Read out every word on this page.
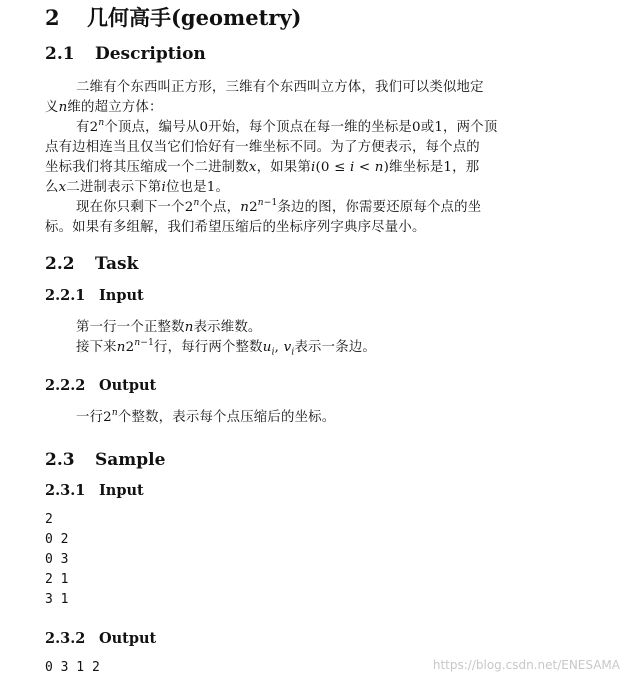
2 几何高手(geometry)
2.1 Description
二维有个东西叫正方形，三维有个东西叫立方体，我们可以类似地定
义n维的超立方体：
有2$^n$个顶点，编号从0开始，每个顶点在每一维的坐标是0或1，两个顶
点有边相连当且仅当它们恰好有一维坐标不同。为了方便表示，每个点的
坐标我们将其压缩成一个二进制数x，如果第i(0 ≤ i < n)维坐标是1，那
么x二进制表示下第i位也是1。
现在你只剩下一个2$^n$个点，$n2^{n-1}$条边的图，你需要还原每个点的坐
标。如果有多组解，我们希望压缩后的坐标序列字典序尽量小。
2.2 Task
2.2.1 Input
第一行一个正整数n表示维数。
接下来$n2^{n-1}$行，每行两个整数$u_i$, $v_i$表示一条边。
2.2.2 Output
一行2$^n$个整数，表示每个点压缩后的坐标。
2.3 Sample
2.3.1 Input
2
0 2
0 3
2 1
3 1
2.3.2 Output
0 3 1 2	https://blog.csdn.net/ENESAMA
